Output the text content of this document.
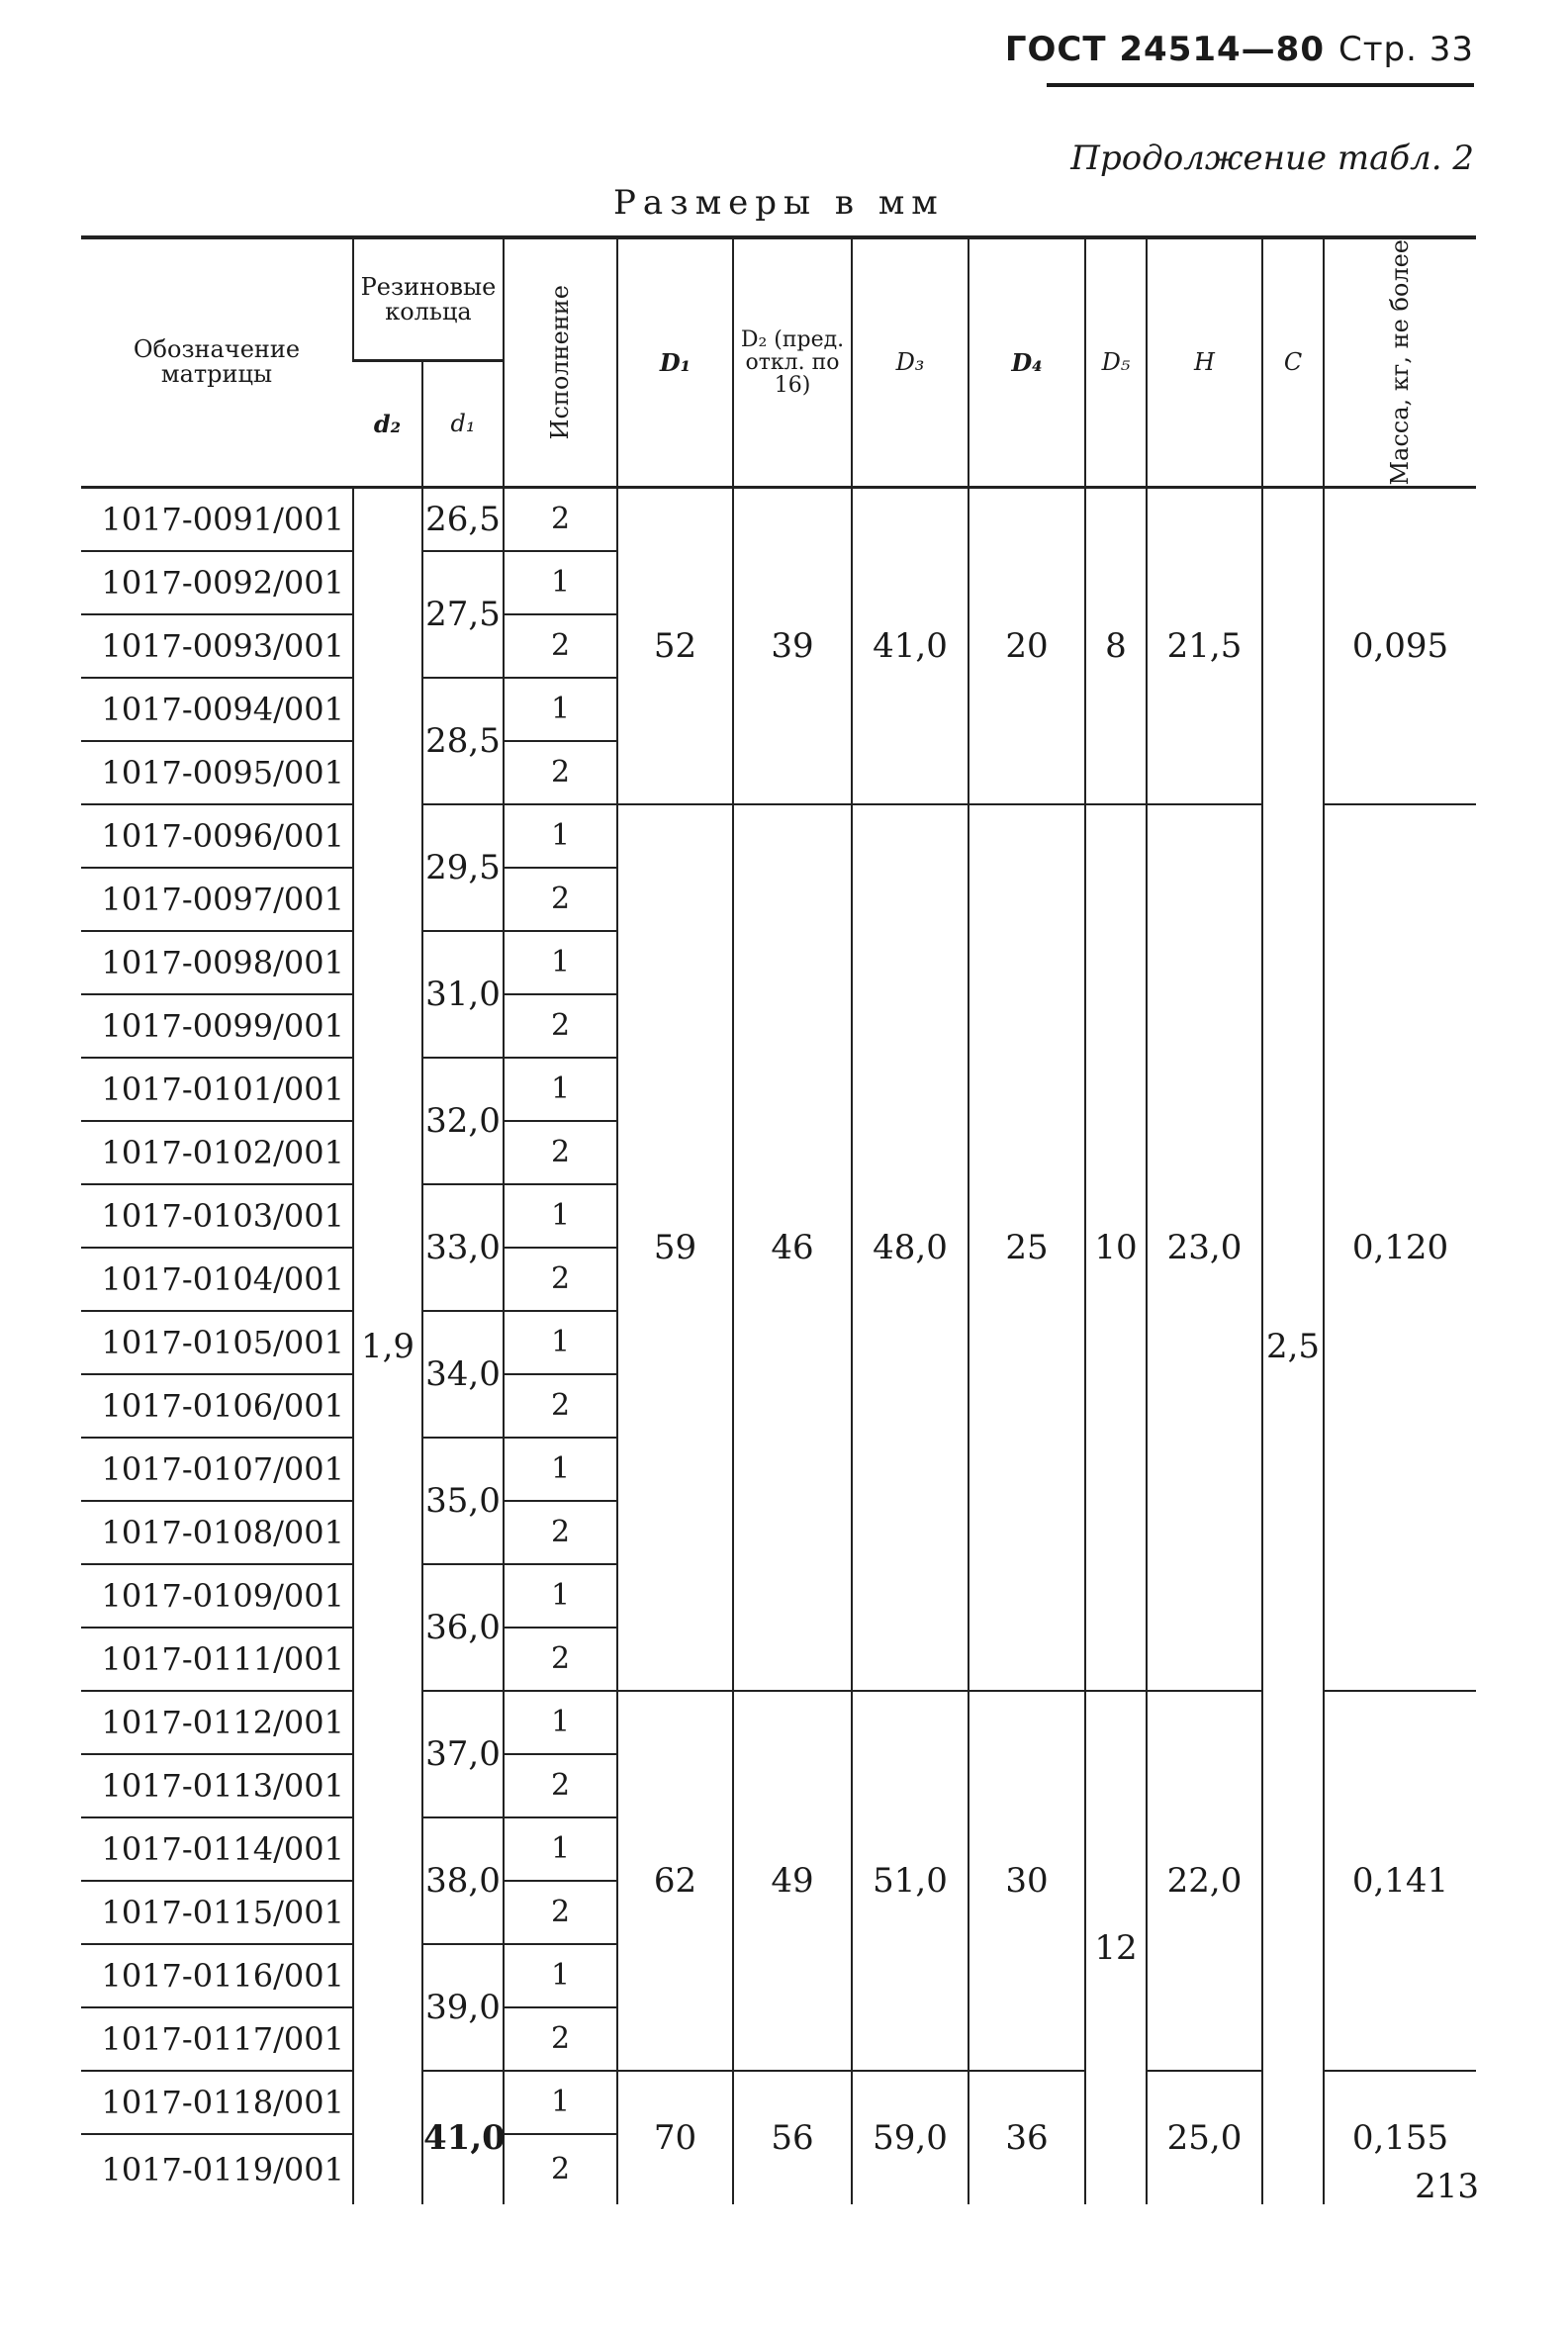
ГОСТ 24514—80 Стр. 33
Продолжение табл. 2
Размеры в мм
Обозначение матрицы	Резиновые кольца		Исполнение	D₁	D₂ (пред. откл. по 16)	D₃	D₄	D₅	H	C	Масса, кг, не более

	d₂	d₁									
1017-0091/001	1,9	26,5	2	52	39	41,0	20	8	21,5	2,5	0,095
1017-0092/001		27,5	1								
1017-0093/001			2								
1017-0094/001		28,5	1								
1017-0095/001			2								
1017-0096/001		29,5	1	59	46	48,0	25	10	23,0		0,120
1017-0097/001			2								
1017-0098/001		31,0	1								
1017-0099/001			2								
1017-0101/001		32,0	1								
1017-0102/001			2								
1017-0103/001		33,0	1								
1017-0104/001			2								
1017-0105/001		34,0	1								
1017-0106/001			2								
1017-0107/001		35,0	1								
1017-0108/001			2								
1017-0109/001		36,0	1								
1017-0111/001			2								
1017-0112/001		37,0	1	62	49	51,0	30	12	22,0		0,141
1017-0113/001			2								
1017-0114/001		38,0	1								
1017-0115/001			2								
1017-0116/001		39,0	1								
1017-0117/001			2								
1017-0118/001		41,0	1	70	56	59,0	36		25,0		0,155
1017-0119/001			2									213
